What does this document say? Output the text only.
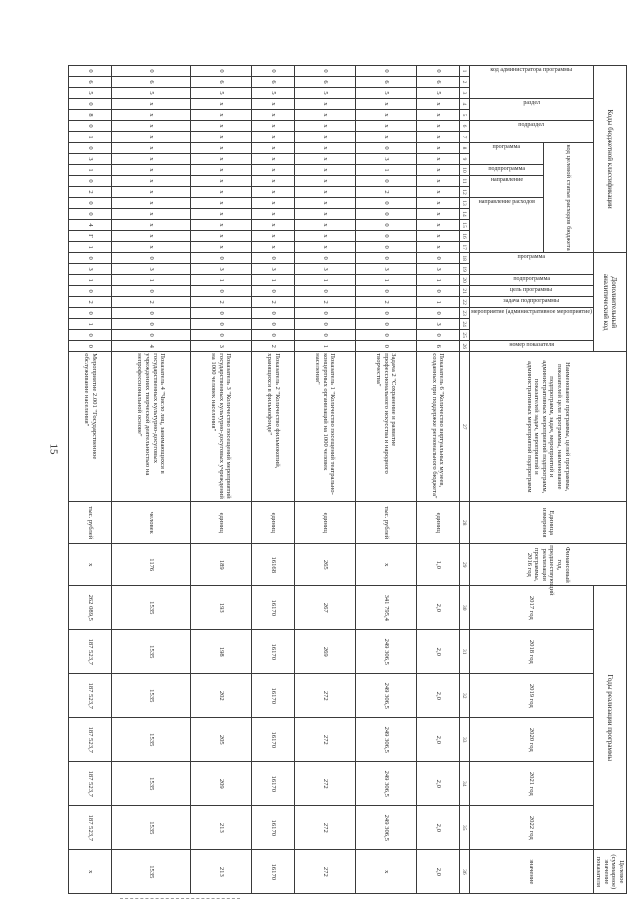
15
Коды бюджетной классификации																	Дополнительный аналитический код									Наименование программы, целей программы, показателей цели программы, наименование подпрограмм, задач, мероприятий и административных мероприятий подпрограмм, показателей задач, мероприятий и административных мероприятий подпрограмм	Единица измерения	Финансовый год, предшествующий реализации программы, 2016 год	Годы реализации программы						Целевое (суммарное) значение показателя

код администратора программы			раздел		подраздел		код целевой статьи расходов бюджета										программа		подпрограмма	цель программы	задача подпрограммы	мероприятие (административное мероприятие)			номер показателя				2017 год	2018 год	2019 год	2020 год	2021 год	2022 год	значение

							программа		подпрограмма	направление		направление расходов																							

1	2	3	4	5	6	7	8	9	10	11	12	13	14	15	16	17	18	19	20	21	22	23	24	25	26	27	28	29	30	31	32	33	34	35	36
0	6	5	x	x	x	x	x	x	x	x	x	x	x	x	x	x	0	3	1	0	1	0	3	0	6	Показатель 6 "Количество виртуальных музеев, созданных при поддержке регионального бюджета"	единиц	1,0	2,0	2,0	2,0	2,0	2,0	2,0	2,0
0	6	5	x	x	x	x	0	3	1	0	2	0	0	0	0	0	0	3	1	0	2	0	0	0	0	Задача 2 "Сохранение и развитие профессионального искусства и народного творчества"	тыс. рублей	x	341 795,4	249 306,5	249 306,5	249 306,5	249 306,5	249 306,5	x
0	6	5	x	x	x	x	x	x	x	x	x	x	x	x	x	x	0	3	1	0	2	0	0	0	1	Показатель 1 "Количество посещений театрально-концертных организаций на 1000 человек населения"	единиц	265	267	269	272	272	272	272	272
0	6	5	x	x	x	x	x	x	x	x	x	x	x	x	x	x	0	3	1	0	2	0	0	0	2	Показатель 2 "Количество фильмокопий, хранящихся в фильмофонде"	единиц	16168	16170	16170	16170	16170	16170	16170	16170
0	6	5	x	x	x	x	x	x	x	x	x	x	x	x	x	x	0	3	1	0	2	0	0	0	3	Показатель 3 "Количество посещений мероприятий государственных культурно-досуговых учреждений на 1000 человек населения"	единиц	189	193	198	202	205	209	213	213
0	6	5	x	x	x	x	x	x	x	x	x	x	x	x	x	x	0	3	1	0	2	0	0	0	4	Показатель 4 "Число лиц, занимающихся в государственных культурно-досуговых учреждениях творческой деятельностью на непрофессиональной основе"	человек	1176	1535	1535	1535	1535	1535	1535	1535
0	6	5	0	8	0	1	0	3	1	0	2	0	0	4	Г	1	0	3	1	0	2	0	1	0	0	Мероприятие 2.001 "Государственное обслуживание населения"	тыс. рублей	x	262 089,5	187 523,7	187 523,7	187 523,7	187 523,7	187 523,7	x
